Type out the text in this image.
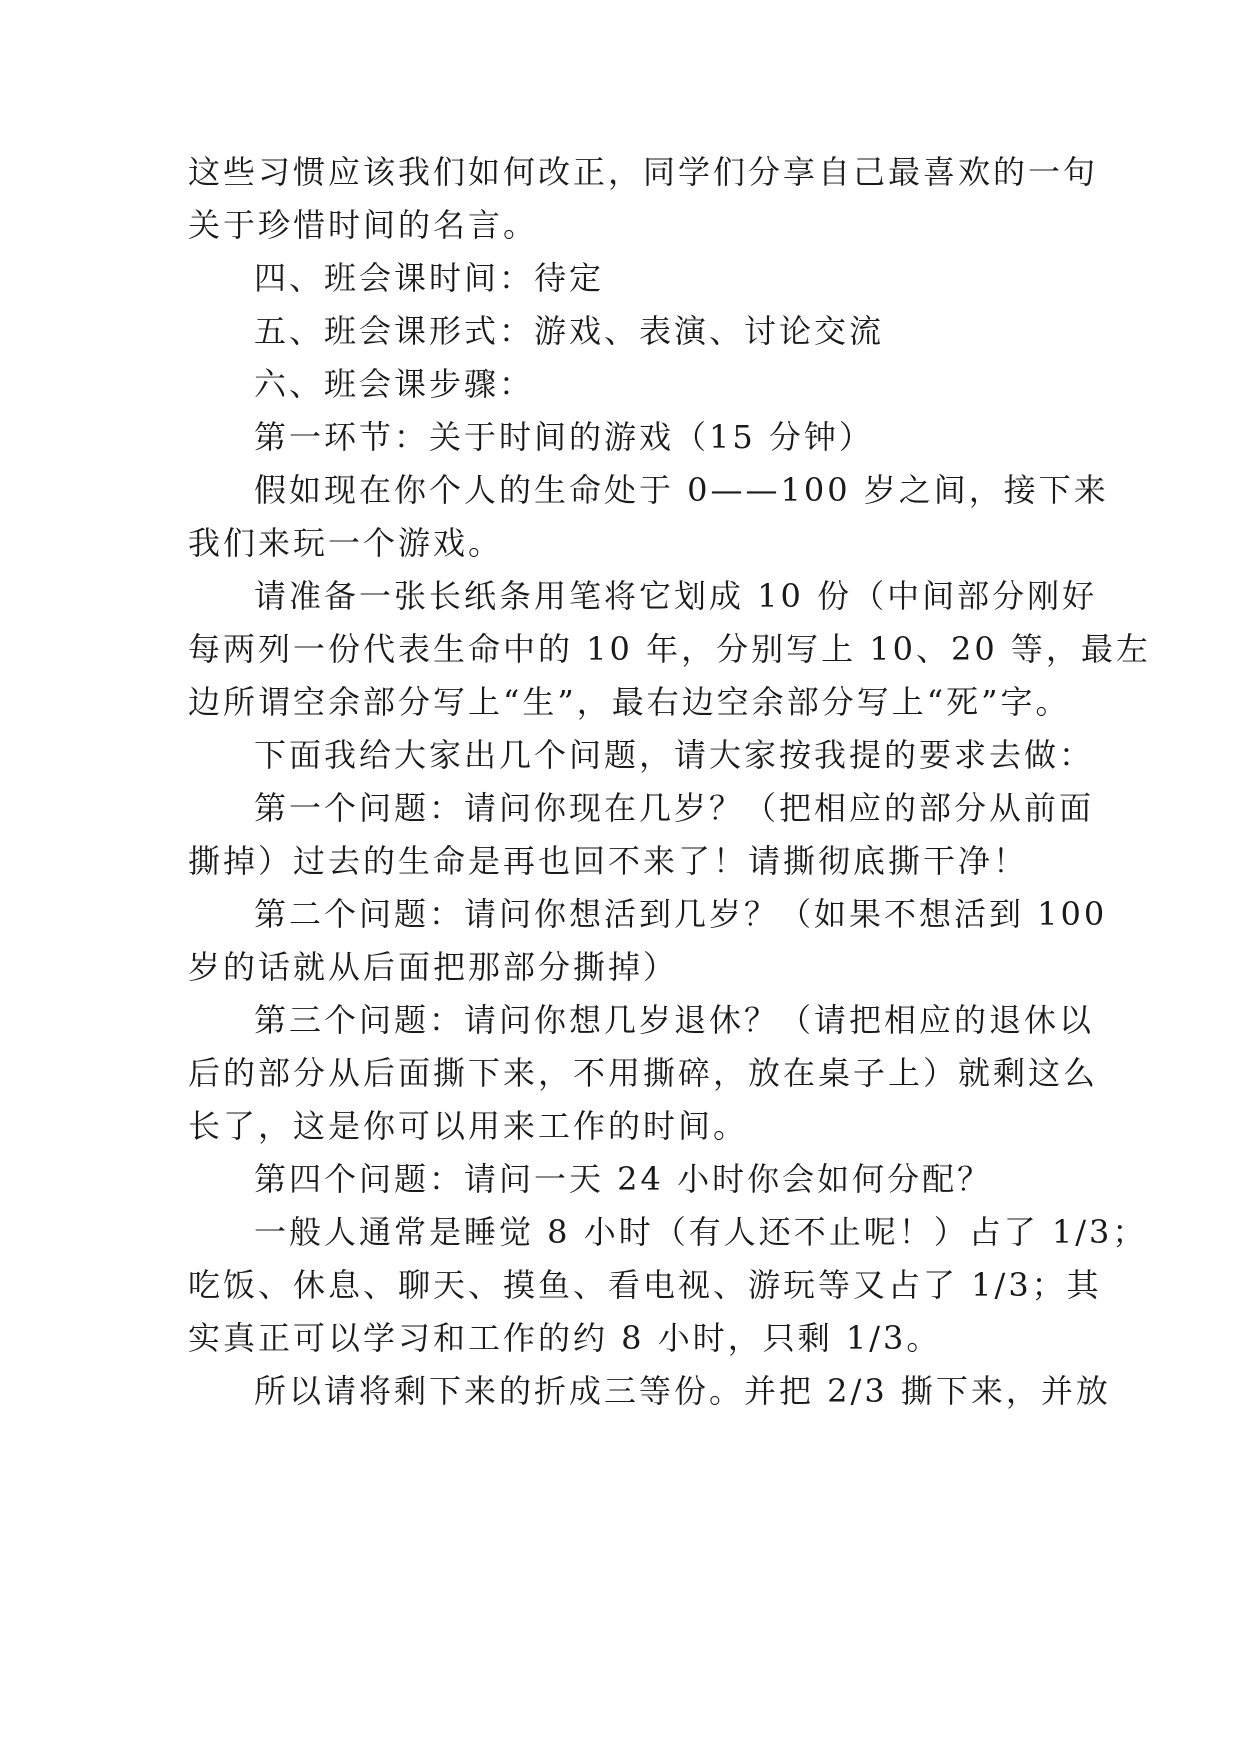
这些习惯应该我们如何改正，同学们分享自己最喜欢的一句
关于珍惜时间的名言。
四、班会课时间：待定
五、班会课形式：游戏、表演、讨论交流
六、班会课步骤：
第一环节：关于时间的游戏（15 分钟）
假如现在你个人的生命处于 0——100 岁之间，接下来
我们来玩一个游戏。
请准备一张长纸条用笔将它划成 10 份（中间部分刚好
每两列一份代表生命中的 10 年，分别写上 10、20 等，最左
边所谓空余部分写上“生”，最右边空余部分写上“死”字。
下面我给大家出几个问题，请大家按我提的要求去做：
第一个问题：请问你现在几岁？（把相应的部分从前面
撕掉）过去的生命是再也回不来了！请撕彻底撕干净！
第二个问题：请问你想活到几岁？（如果不想活到 100
岁的话就从后面把那部分撕掉）
第三个问题：请问你想几岁退休？（请把相应的退休以
后的部分从后面撕下来，不用撕碎，放在桌子上）就剩这么
长了，这是你可以用来工作的时间。
第四个问题：请问一天 24 小时你会如何分配？
一般人通常是睡觉 8 小时（有人还不止呢！）占了 1/3；
吃饭、休息、聊天、摸鱼、看电视、游玩等又占了 1/3；其
实真正可以学习和工作的约 8 小时，只剩 1/3。
所以请将剩下来的折成三等份。并把 2/3 撕下来，并放
